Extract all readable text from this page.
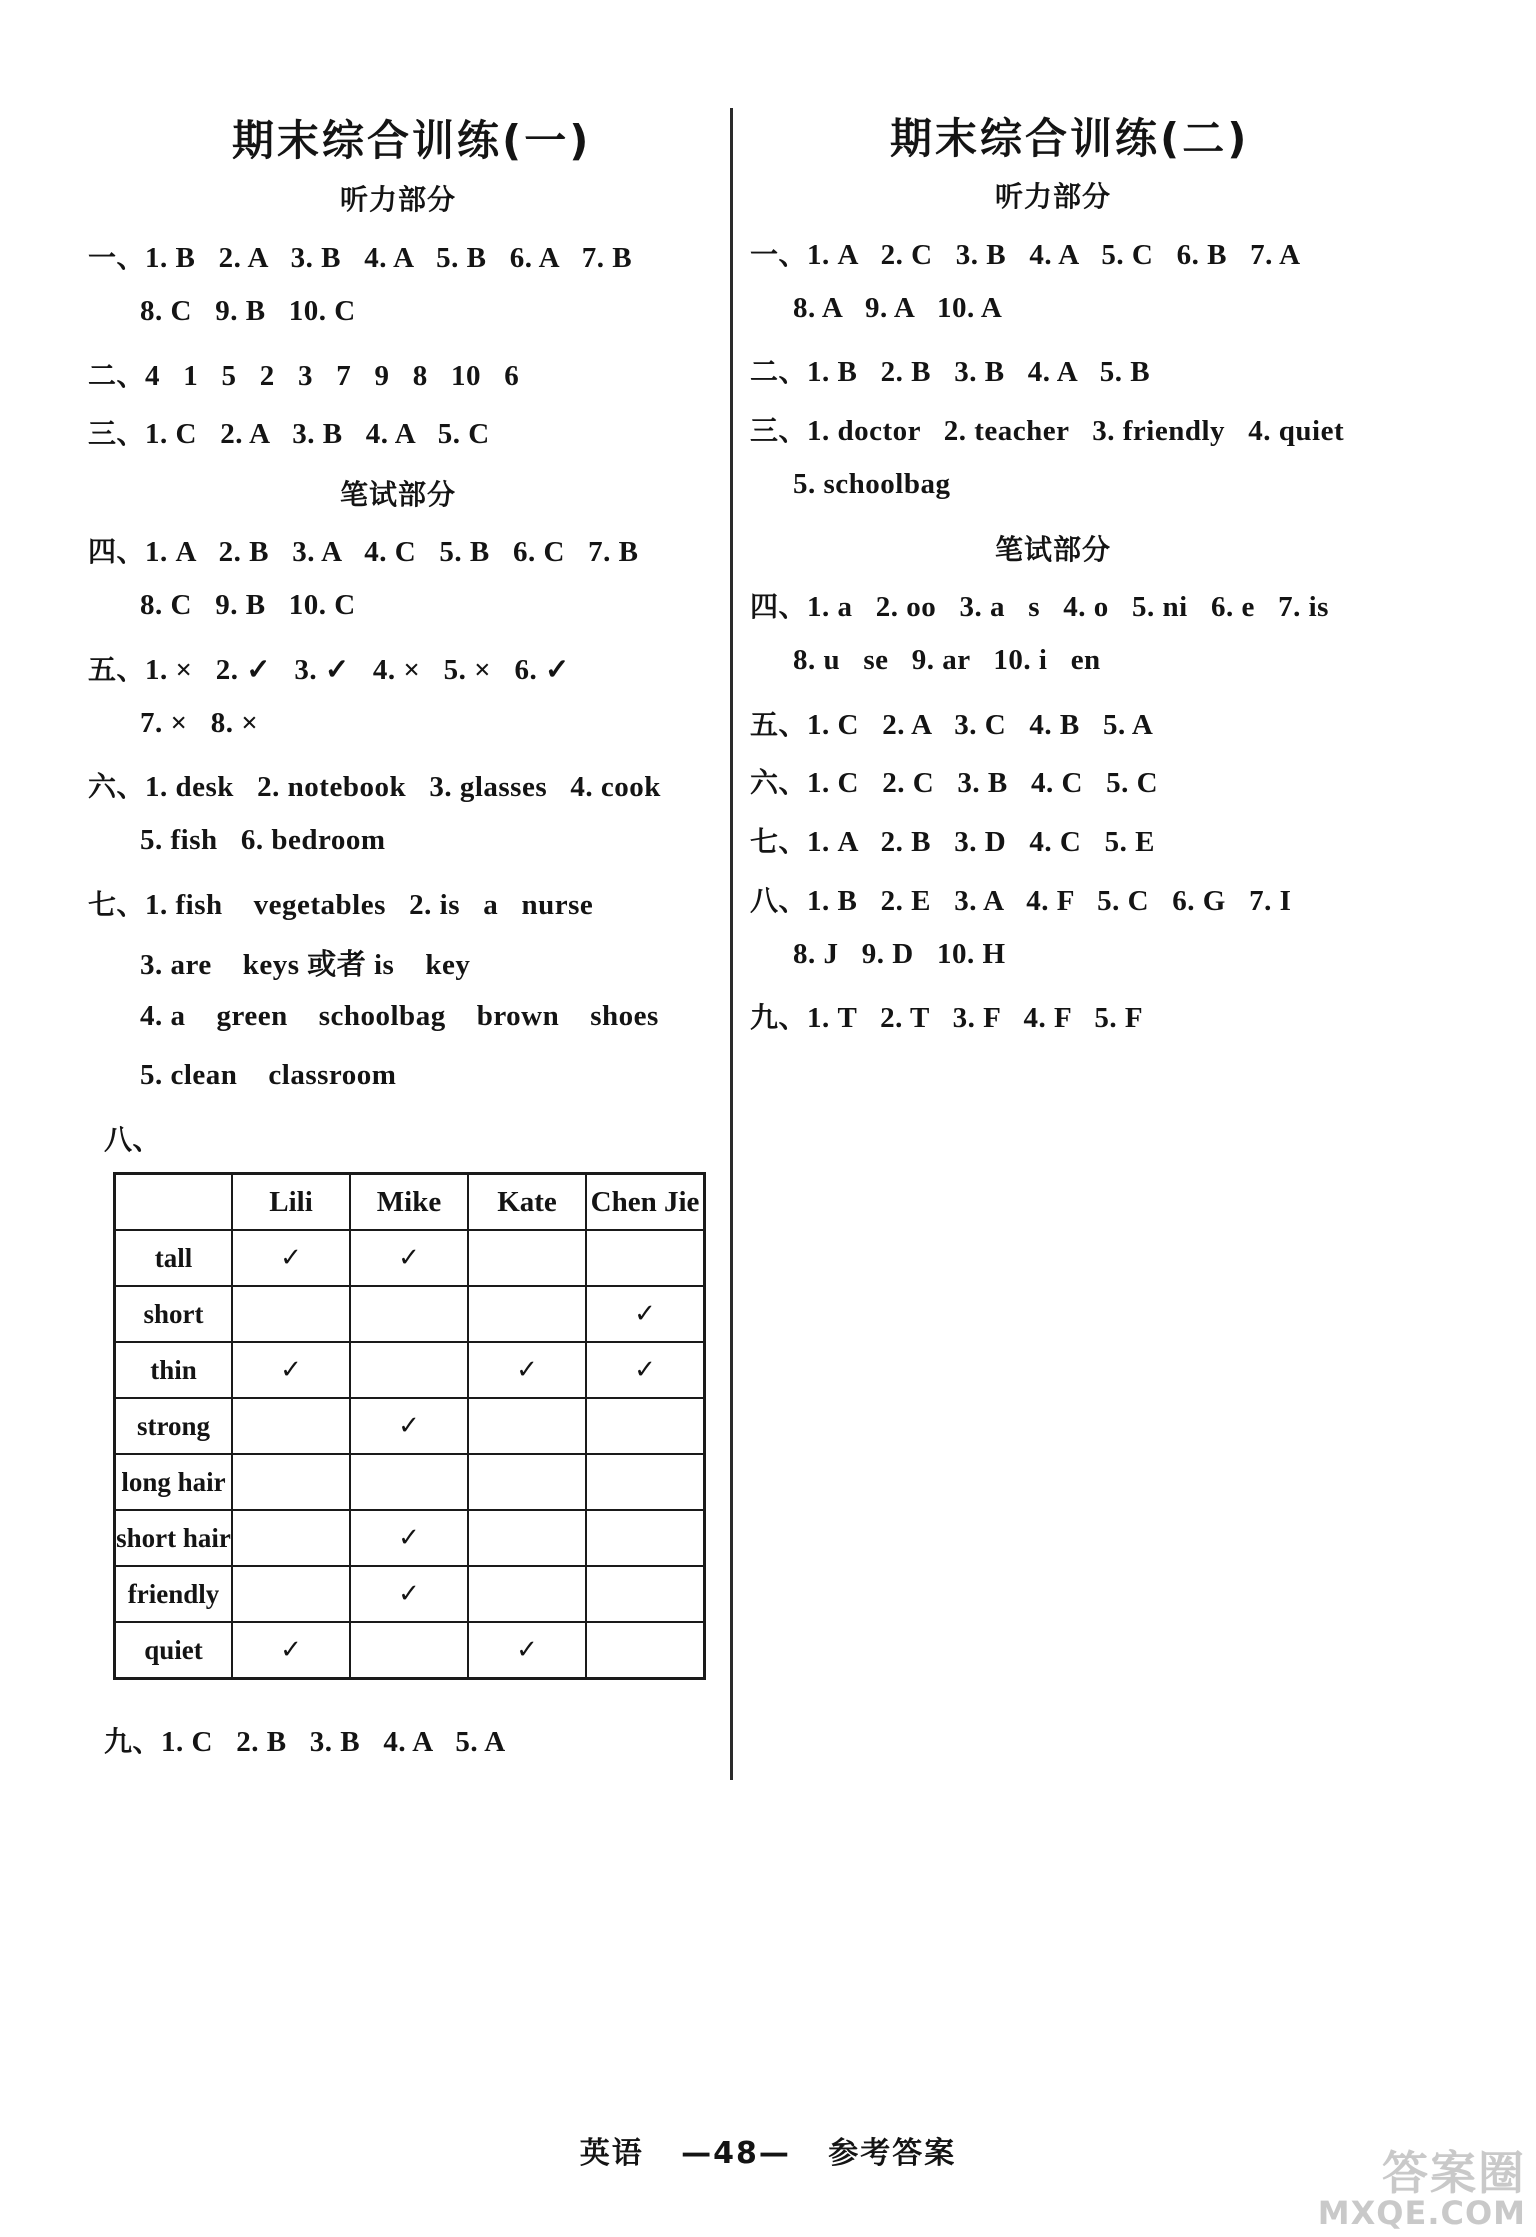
期末综合训练(一)
听力部分
一、1. B   2. A   3. B   4. A   5. B   6. A   7. B
8. C   9. B   10. C
二、4   1   5   2   3   7   9   8   10   6
三、1. C   2. A   3. B   4. A   5. C
笔试部分
四、1. A   2. B   3. A   4. C   5. B   6. C   7. B
8. C   9. B   10. C
五、1. ×   2. ✓   3. ✓   4. ×   5. ×   6. ✓
7. ×   8. ×
六、1. desk   2. notebook   3. glasses   4. cook
5. fish   6. bedroom
七、1. fish    vegetables   2. is   a   nurse
3. are    keys 或者 is    key
4. a    green    schoolbag    brown    shoes
5. clean    classroom
八、
	Lili	Mike	Kate	Chen Jie
tall	✓	✓		
short				✓
thin	✓		✓	✓
strong		✓		
long hair				
short hair		✓		
friendly		✓		
quiet	✓		✓	
九、1. C   2. B   3. B   4. A   5. A
期末综合训练(二)
听力部分
一、1. A   2. C   3. B   4. A   5. C   6. B   7. A
8. A   9. A   10. A
二、1. B   2. B   3. B   4. A   5. B
三、1. doctor   2. teacher   3. friendly   4. quiet
5. schoolbag
笔试部分
四、1. a   2. oo   3. a   s   4. o   5. ni   6. e   7. is
8. u   se   9. ar   10. i   en
五、1. C   2. A   3. C   4. B   5. A
六、1. C   2. C   3. B   4. C   5. C
七、1. A   2. B   3. D   4. C   5. E
八、1. B   2. E   3. A   4. F   5. C   6. G   7. I
8. J   9. D   10. H
九、1. T   2. T   3. F   4. F   5. F
英语   —48—   参考答案	答案圈
MXQE.COM
